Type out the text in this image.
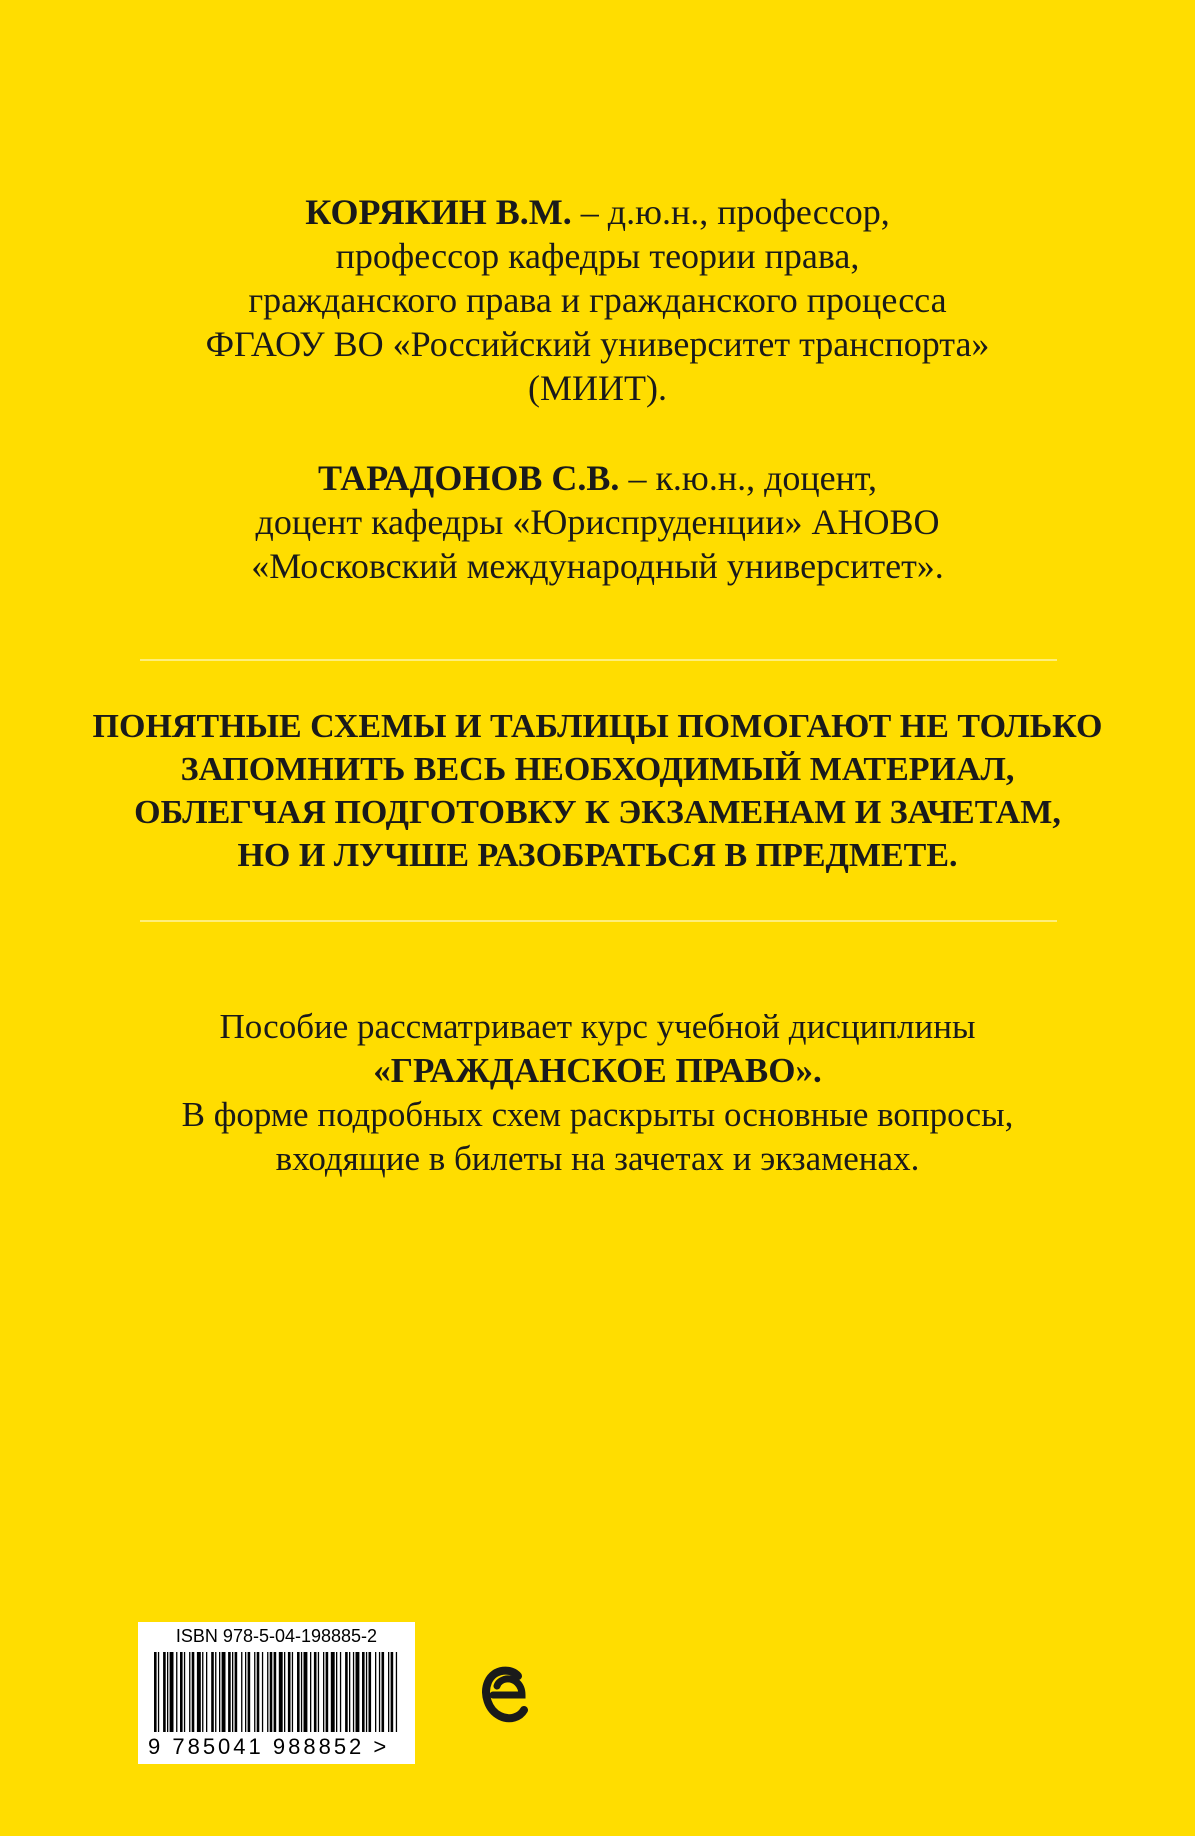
КОРЯКИН В.М. – д.ю.н., профессор,
профессор кафедры теории права,
гражданского права и гражданского процесса
ФГАОУ ВО «Российский университет транспорта»
(МИИТ).
ТАРАДОНОВ С.В. – к.ю.н., доцент,
доцент кафедры «Юриспруденции» АНОВО
«Московский международный университет».
ПОНЯТНЫЕ СХЕМЫ И ТАБЛИЦЫ ПОМОГАЮТ НЕ ТОЛЬКО
ЗАПОМНИТЬ ВЕСЬ НЕОБХОДИМЫЙ МАТЕРИАЛ,
ОБЛЕГЧАЯ ПОДГОТОВКУ К ЭКЗАМЕНАМ И ЗАЧЕТАМ,
НО И ЛУЧШЕ РАЗОБРАТЬСЯ В ПРЕДМЕТЕ.
Пособие рассматривает курс учебной дисциплины
«ГРАЖДАНСКОЕ ПРАВО».
В форме подробных схем раскрыты основные вопросы,
входящие в билеты на зачетах и экзаменах.
ISBN 978-5-04-198885-2
9 785041 988852 >
